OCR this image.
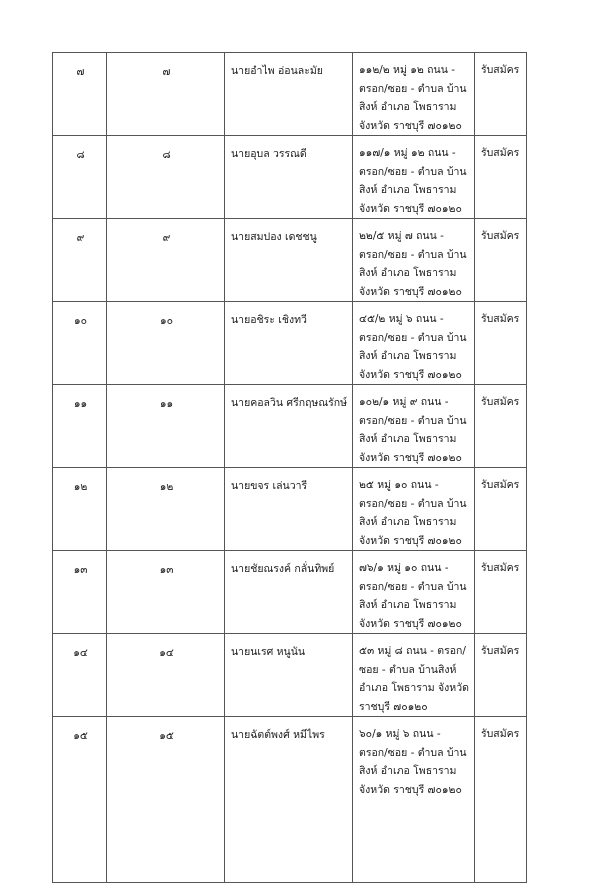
๗	๗	นายอำไพ อ่อนละมัย	๑๑๒/๒ หมู่ ๑๒ ถนน -
ตรอก/ซอย - ตำบล บ้าน
สิงห์ อำเภอ โพธาราม
จังหวัด ราชบุรี ๗๐๑๒๐	รับสมัคร
๘	๘	นายอุบล วรรณดี	๑๑๗/๑ หมู่ ๑๒ ถนน -
ตรอก/ซอย - ตำบล บ้าน
สิงห์ อำเภอ โพธาราม
จังหวัด ราชบุรี ๗๐๑๒๐	รับสมัคร
๙	๙	นายสมปอง เดชชนู	๒๒/๕ หมู่ ๗ ถนน -
ตรอก/ซอย - ตำบล บ้าน
สิงห์ อำเภอ โพธาราม
จังหวัด ราชบุรี ๗๐๑๒๐	รับสมัคร
๑๐	๑๐	นายอชิระ เชิงทวี	๔๕/๒ หมู่ ๖ ถนน -
ตรอก/ซอย - ตำบล บ้าน
สิงห์ อำเภอ โพธาราม
จังหวัด ราชบุรี ๗๐๑๒๐	รับสมัคร
๑๑	๑๑	นายคอลวิน ศรีกฤษณรักษ์	๑๐๒/๑ หมู่ ๙ ถนน -
ตรอก/ซอย - ตำบล บ้าน
สิงห์ อำเภอ โพธาราม
จังหวัด ราชบุรี ๗๐๑๒๐	รับสมัคร
๑๒	๑๒	นายขจร เล่นวารี	๒๕ หมู่ ๑๐ ถนน -
ตรอก/ซอย - ตำบล บ้าน
สิงห์ อำเภอ โพธาราม
จังหวัด ราชบุรี ๗๐๑๒๐	รับสมัคร
๑๓	๑๓	นายชัยณรงค์ กลั่นทิพย์	๗๖/๑ หมู่ ๑๐ ถนน -
ตรอก/ซอย - ตำบล บ้าน
สิงห์ อำเภอ โพธาราม
จังหวัด ราชบุรี ๗๐๑๒๐	รับสมัคร
๑๔	๑๔	นายนเรศ หนูนัน	๕๓ หมู่ ๘ ถนน - ตรอก/
ซอย - ตำบล บ้านสิงห์
อำเภอ โพธาราม จังหวัด
ราชบุรี ๗๐๑๒๐	รับสมัคร
๑๕	๑๕	นายฉัตต์พงศ์ หมีไพร	๖๐/๑ หมู่ ๖ ถนน -
ตรอก/ซอย - ตำบล บ้าน
สิงห์ อำเภอ โพธาราม
จังหวัด ราชบุรี ๗๐๑๒๐	รับสมัคร
